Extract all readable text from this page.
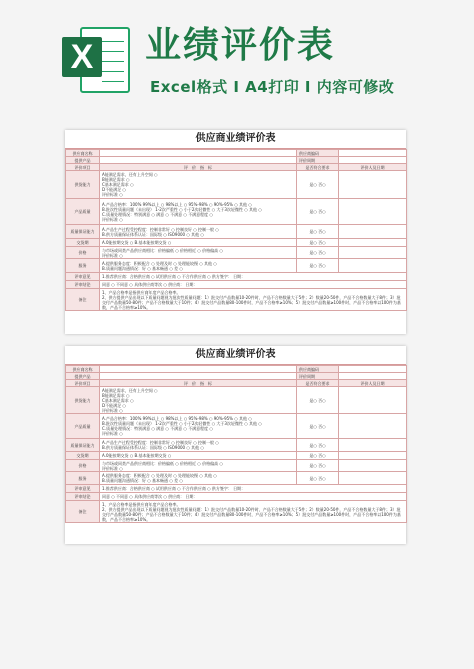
X 业绩评价表
Excel格式 I A4打印 I 内容可修改
供应商业绩评价表
供应商名称		供应商编码	
提供产品		评价周期	
评价项目	评　价　指　标	是否符合要求	评价人及日期
供货能力	A能满足需求，还有上升空间 ○
B能满足需求 ○
C基本满足需求 ○
D不能满足 ○
评价标准 ○	是○ 否○	
产品质量	A.产品合格率：100% 99%以上 ○ 98%以上 ○ 95%-98% ○ 90%-95% ○ 其他 ○
B.批次性质量问题（未出现） 1-2次严重性 ○ 小于2次轻微性 ○ 大于3次轻微性 ○ 其他 ○
C.质量处理情况：特别满意 ○ 满意 ○ 不满意 ○ 不满意程度 ○
评价标准 ○	是○ 否○	
质量保证能力	A.产品生产过程受控程度：控制非常好 ○ 控制良好 ○ 控制一般 ○
B.供方质量保证体系认证：国际级 ○ ISO9000 ○ 其他 ○	是○ 否○	
交货期	A.0能按期交货 ○ B.基本能按期交货 ○	是○ 否○	
价格	与市场或同类产品供应商相比：价格偏低 ○ 价格相近 ○ 价格偏高 ○
评价标准 ○	是○ 否○	
服务	A.提供服务态度：积极配合 ○ 处理及时 ○ 处理能较慢 ○ 其他 ○
B.质量问题沟通情况：好 ○ 基本畅通 ○ 差 ○	是○ 否○	
评审意见	1.推荐供应商：合格供应商 ○ 试用供应商 ○ 不合作供应商 ○ 供方签字： 日期：		
评审结论	同意 ○ 不同意 ○ 具体供应商等次 ○ 供应商： 日期：		
备注	1、产品合格率是指供应商年度产品合格率。
2、供方提供产品出现以下质量问题视为批次性质量问题：1）批交付产品数量10-20件时，产品不合格数量大于5件；2）数量20-50件，产品不合格数量大于8件；3）批交付产品数量50-80件；产品不合格数量大于10件；4）批交付产品数量80-100件时，产品不合格率≥10%；5）批交付产品数量≥100件时，产品不合格率以100件为基数，产品不合格率≥10%。		
供应商业绩评价表
供应商名称		供应商编码	
提供产品		评价周期	
评价项目	评　价　指　标	是否符合要求	评价人及日期
供货能力	A能满足需求，还有上升空间 ○
B能满足需求 ○
C基本满足需求 ○
D不能满足 ○
评价标准 ○	是○ 否○	
产品质量	A.产品合格率：100% 99%以上 ○ 98%以上 ○ 95%-98% ○ 90%-95% ○ 其他 ○
B.批次性质量问题（未出现） 1-2次严重性 ○ 小于2次轻微性 ○ 大于3次轻微性 ○ 其他 ○
C.质量处理情况：特别满意 ○ 满意 ○ 不满意 ○ 不满意程度 ○
评价标准 ○	是○ 否○	
质量保证能力	A.产品生产过程受控程度：控制非常好 ○ 控制良好 ○ 控制一般 ○
B.供方质量保证体系认证：国际级 ○ ISO9000 ○ 其他 ○	是○ 否○	
交货期	A.0能按期交货 ○ B.基本能按期交货 ○	是○ 否○	
价格	与市场或同类产品供应商相比：价格偏低 ○ 价格相近 ○ 价格偏高 ○
评价标准 ○	是○ 否○	
服务	A.提供服务态度：积极配合 ○ 处理及时 ○ 处理能较慢 ○ 其他 ○
B.质量问题沟通情况：好 ○ 基本畅通 ○ 差 ○	是○ 否○	
评审意见	1.推荐供应商：合格供应商 ○ 试用供应商 ○ 不合作供应商 ○ 供方签字： 日期：		
评审结论	同意 ○ 不同意 ○ 具体供应商等次 ○ 供应商： 日期：		
备注	1、产品合格率是指供应商年度产品合格率。
2、供方提供产品出现以下质量问题视为批次性质量问题：1）批交付产品数量10-20件时，产品不合格数量大于5件；2）数量20-50件，产品不合格数量大于8件；3）批交付产品数量50-80件；产品不合格数量大于10件；4）批交付产品数量80-100件时，产品不合格率≥10%；5）批交付产品数量≥100件时，产品不合格率以100件为基数，产品不合格率≥10%。		
